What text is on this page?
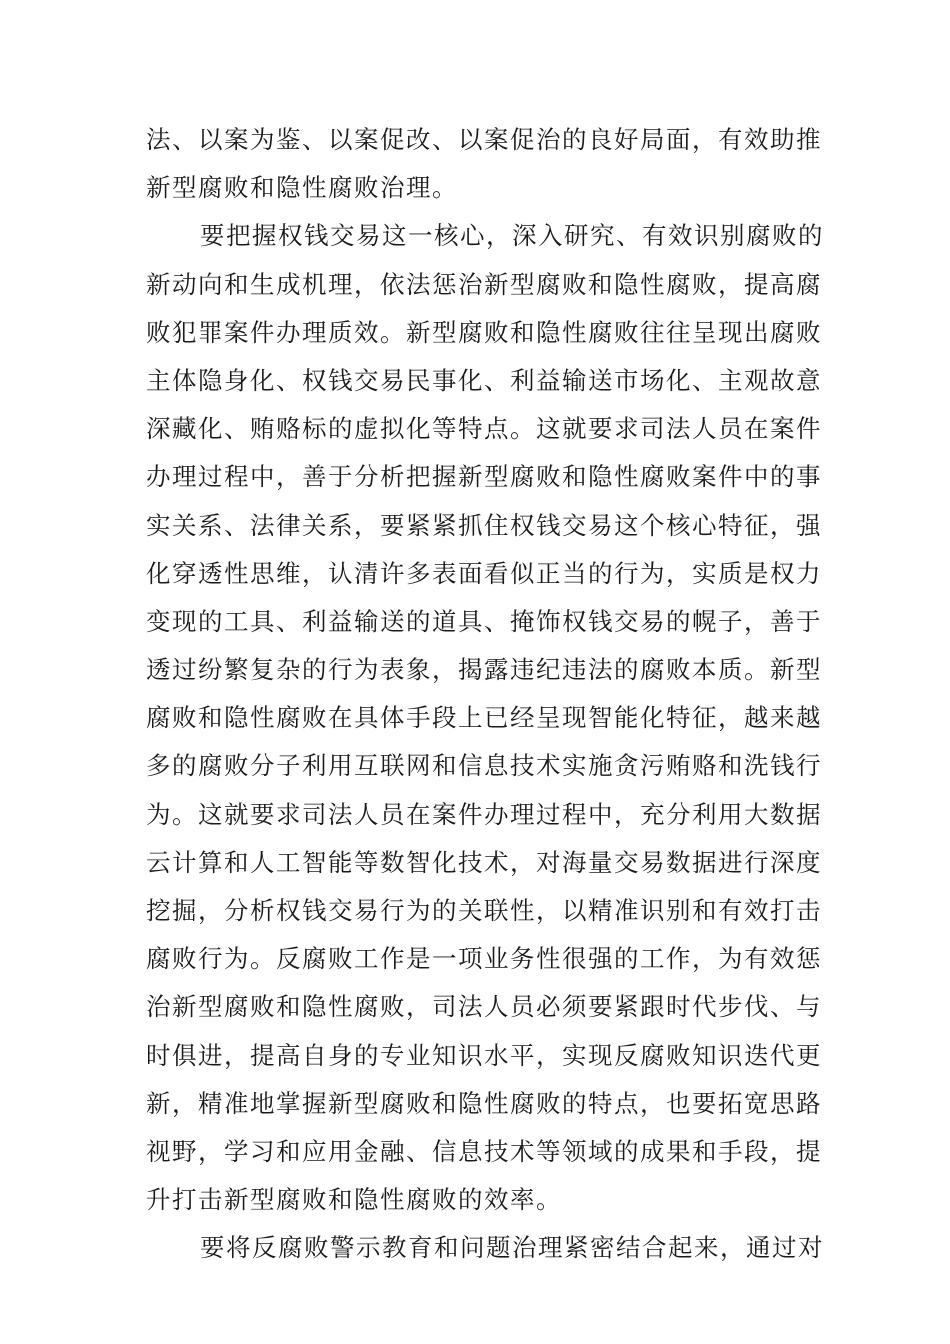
法、以案为鉴、以案促改、以案促治的良好局面，有效助推
新型腐败和隐性腐败治理。
要把握权钱交易这一核心，深入研究、有效识别腐败的
新动向和生成机理，依法惩治新型腐败和隐性腐败，提高腐
败犯罪案件办理质效。新型腐败和隐性腐败往往呈现出腐败
主体隐身化、权钱交易民事化、利益输送市场化、主观故意
深藏化、贿赂标的虚拟化等特点。这就要求司法人员在案件
办理过程中，善于分析把握新型腐败和隐性腐败案件中的事
实关系、法律关系，要紧紧抓住权钱交易这个核心特征，强
化穿透性思维，认清许多表面看似正当的行为，实质是权力
变现的工具、利益输送的道具、掩饰权钱交易的幌子，善于
透过纷繁复杂的行为表象，揭露违纪违法的腐败本质。新型
腐败和隐性腐败在具体手段上已经呈现智能化特征，越来越
多的腐败分子利用互联网和信息技术实施贪污贿赂和洗钱行
为。这就要求司法人员在案件办理过程中，充分利用大数据
云计算和人工智能等数智化技术，对海量交易数据进行深度
挖掘，分析权钱交易行为的关联性，以精准识别和有效打击
腐败行为。反腐败工作是一项业务性很强的工作，为有效惩
治新型腐败和隐性腐败，司法人员必须要紧跟时代步伐、与
时俱进，提高自身的专业知识水平，实现反腐败知识迭代更
新，精准地掌握新型腐败和隐性腐败的特点，也要拓宽思路
视野，学习和应用金融、信息技术等领域的成果和手段，提
升打击新型腐败和隐性腐败的效率。
要将反腐败警示教育和问题治理紧密结合起来，通过对
